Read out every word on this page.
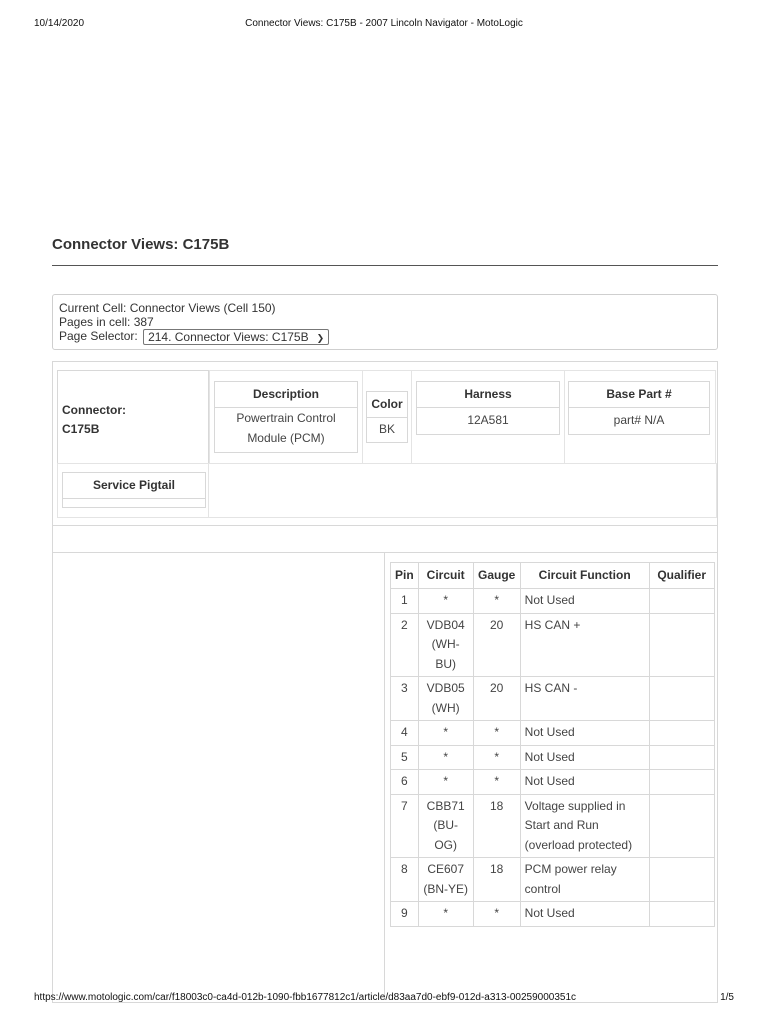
10/14/2020	Connector Views: C175B - 2007 Lincoln Navigator - MotoLogic
Connector Views: C175B
Current Cell: Connector Views (Cell 150)
Pages in cell: 387
Page Selector: 214. Connector Views: C175B ❯
Connector:
C175B
Description
Powertrain Control Module (PCM)
Color
BK
Harness
12A581
Base Part #
part# N/A
Service Pigtail
Pin	Circuit	Gauge	Circuit Function	Qualifier
1	*	*	Not Used	
2	VDB04 (WH-BU)	20	HS CAN +	
3	VDB05 (WH)	20	HS CAN -	
4	*	*	Not Used	
5	*	*	Not Used	
6	*	*	Not Used	
7	CBB71 (BU-OG)	18	Voltage supplied in Start and Run (overload protected)	
8	CE607 (BN-YE)	18	PCM power relay control	
9	*	*	Not Used	
https://www.motologic.com/car/f18003c0-ca4d-012b-1090-fbb1677812c1/article/d83aa7d0-ebf9-012d-a313-00259000351c	1/5
